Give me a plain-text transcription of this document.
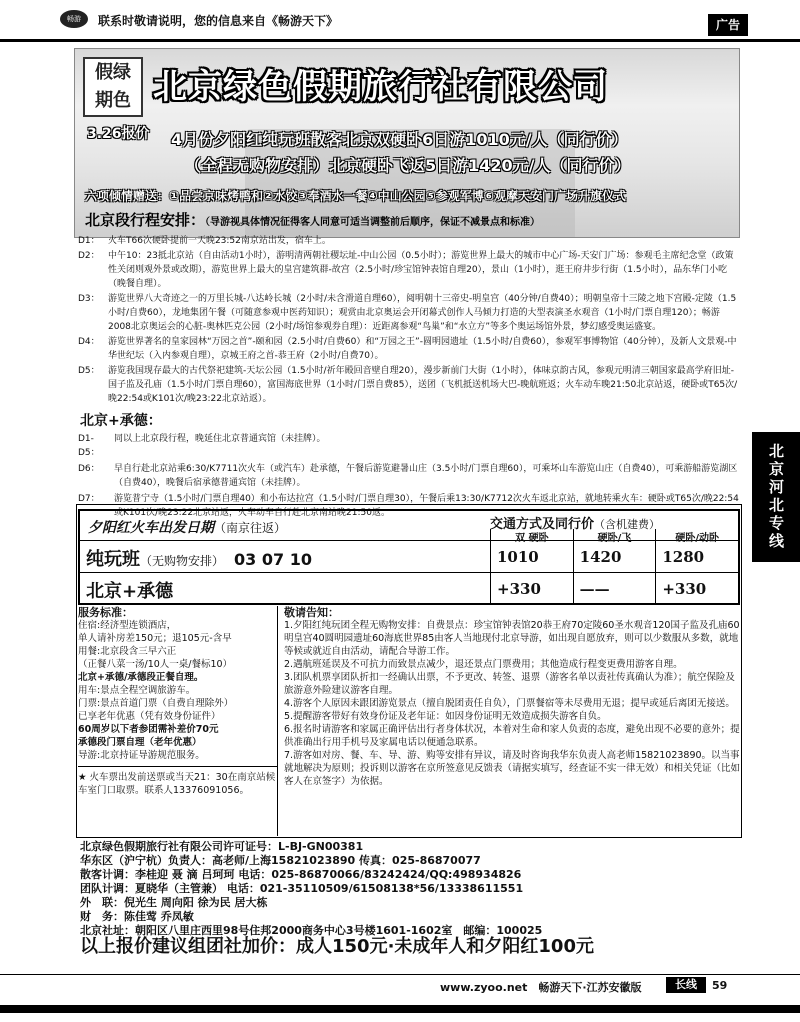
畅游	联系时敬请说明，您的信息来自《畅游天下》	广告
北京河北专线
假绿
期色
3.26报价
北京绿色假期旅行社有限公司
4月份夕阳红纯玩班散客北京双硬卧6日游1010元/人（同行价）
（全程无购物安排）北京硬卧飞返5日游1420元/人（同行价）
六项倾情赠送：①品尝京味烤鸭和②水饺③奉酒水一餐④中山公园⑤参观军博⑥观摩天安门广场升旗仪式
北京段行程安排：（导游视具体情况征得客人同意可适当调整前后顺序，保证不减景点和标准）
D1： 火车T66次硬卧提前一天晚23:52南京站出发，宿车上。
D2： 中午10：23抵北京站（自由活动1小时），游明清两朝社稷坛址-中山公园（0.5小时）；游览世界上最大的城市中心广场-天安门广场：参观毛主席纪念堂（政策性关闭则观外景或改期），游览世界上最大的皇宫建筑群-故宫（2.5小时/珍宝馆钟表馆自理20），景山（1小时），逛王府井步行街（1.5小时），品东华门小吃（晚餐自理）。
D3： 游览世界八大奇迹之一的万里长城-八达岭长城（2小时/未含滑道自理60），阅明朝十三帝史-明皇宫（40分钟/自费40）；明朝皇帝十三陵之地下宫殿-定陵（1.5小时/自费60），龙地集团午餐（可随意参观中医药知识）；观赏由北京奥运会开闭幕式创作人马倾力打造的大型表演圣水观音（1小时/门票自理120）；畅游2008北京奥运会的心脏-奥林匹克公园（2小时/场馆参观券自理）：近距离参观“鸟巢”和“水立方”等多个奥运场馆外景，梦幻感受奥运盛宴。
D4： 游览世界著名的皇家园林“万园之首”-颐和园（2.5小时/自费60）和“万园之王”-圆明园遗址（1.5小时/自费60），参观军事博物馆（40分钟），及新人文景观-中华世纪坛（入内参观自理），京城王府之首-恭王府（2小时/自费70）。
D5： 游览我国现存最大的古代祭祀建筑-天坛公园（1.5小时/祈年殿回音壁自理20），漫步新前门大街（1小时），体味京韵古风，参观元明清三朝国家最高学府旧址-国子监及孔庙（1.5小时/门票自理60），富国海底世界（1小时/门票自费85），送团（飞机抵送机场大巴-晚航班返；火车动车晚21:50北京站返，硬卧或T65次/晚22:54或K101次/晚23:22北京站返）。
北京+承德：
D1-D5：
同以上北京段行程，晚延住北京普通宾馆（未挂牌）。
D6：	早自行赴北京站乘6:30/K7711次火车（或汽车）赴承德，午餐后游览避暑山庄（3.5小时/门票自理60），可乘坏山车游览山庄（自费40），可乘游船游览湖区（自费40），晚餐后宿承德普通宾馆（未挂牌）。
D7：	游览普宁寺（1.5小时/门票自理40）和小布达拉宫（1.5小时/门票自理30），午餐后乘13:30/K7712次火车返北京站，就地转乘火车：硬卧或T65次/晚22:54或K101次/晚23:22北京站返，火车动车自行赴北京南站晚21:50返。
夕阳红火车出发日期（南京往返）	交通方式及同行价（含机建费）
双 硬卧	硬卧/飞	硬卧/动卧
纯玩班（无购物安排） 03 07 10	1010	1420	1280
北京+承德	+330	——	+330
服务标准：
住宿:经济型连锁酒店，
单人请补房差150元；退105元-含早
用餐:北京段含三早六正
（正餐八菜一汤/10人一桌/餐标10）
北京+承德/承德段正餐自理。
用车:景点全程空调旅游车。
门票:景点首道门票（自费自理除外）
已享老年优惠（凭有效身份证件）
60周岁以下者参团需补差价70元
承德段门票自理（老年优惠）
导游:北京持证导游规范服务。
★ 火车票出发前送票或当天21：30在南京站候车室门口取票。联系人13376091056。
敬请告知：
1.夕阳红纯玩团全程无购物安排：自费景点：珍宝馆钟表馆20恭王府70定陵60圣水观音120国子监及孔庙60明皇宫40圆明园遗址60海底世界85由客人当地现付北京导游，如出现自愿放弃，则可以少数服从多数，就地等候或就近自由活动，请配合导游工作。
2.遇航班延误及不可抗力而致景点减少，退还景点门票费用；其他造成行程变更费用游客自理。
3.团队机票享团队折扣一经确认出票，不予更改、转签、退票（游客名单以责社传真确认为准）；航空保险及旅游意外险建议游客自理。
4.游客个人原因未跟团游览景点（擅自脱团责任自负），门票餐宿等未尽费用无退；提早或延后离团无接送。
5.提醒游客带好有效身份证及老年证：如因身份证明无效造成损失游客自负。
6.报名时请游客和家属正确评估出行者身体状况，本着对生命和家人负责的态度，避免出现不必要的意外；提供准确出行用手机号及家属电话以便通急联系。
7.游客如对房、餐、车、导、游、购等安排有异议，请及时咨询我华东负责人高老师15821023890。以当事就地解决为原则；投诉则以游客在京所签意见反馈表（请据实填写，经查证不实一律无效）和相关凭证（比如客人在京签字）为依据。
北京绿色假期旅行社有限公司许可证号：L-BJ-GN00381
华东区（沪宁杭）负责人：高老师/上海15821023890 传真：025-86870077
散客计调：李桂迎 聂 滴 吕珂珂 电话：025-86870066/83242424/QQ:498934826
团队计调：夏晓华（主管兼） 电话：021-35110509/61508138*56/13338611551
外　联：倪光生 周向阳 徐为民 居大栋
财　务：陈佳莺 乔凤敏
北京社址：朝阳区八里庄西里98号住邦2000商务中心3号楼1601-1602室　邮编：100025
以上报价建议组团社加价：成人150元·未成年人和夕阳红100元
www.zyoo.net　畅游天下·江苏安徽版	长线	59
